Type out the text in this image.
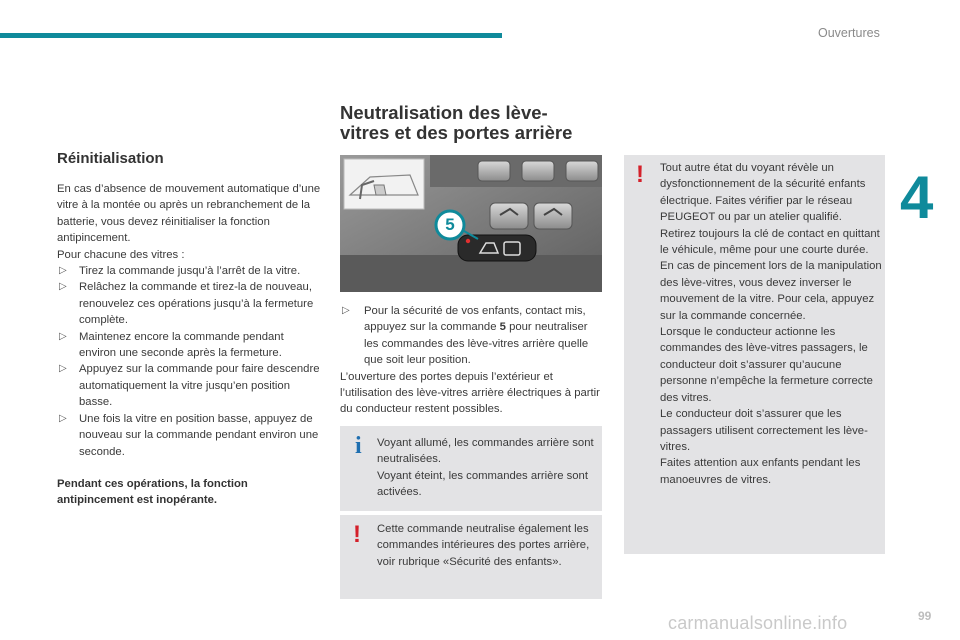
Ouvertures
4
Réinitialisation

En cas d’absence de mouvement automatique d’une vitre à la montée ou après un rebranchement de la batterie, vous devez réinitialiser la fonction antipincement.

Pour chacune des vitres :

▷ Tirez la commande jusqu’à l’arrêt de la vitre.
▷ Relâchez la commande et tirez-la de nouveau, renouvelez ces opérations jusqu’à la fermeture complète.
▷ Maintenez encore la commande pendant environ une seconde après la fermeture.
▷ Appuyez sur la commande pour faire descendre automatiquement la vitre jusqu’en position basse.
▷ Une fois la vitre en position basse, appuyez de nouveau sur la commande pendant environ une seconde.

Pendant ces opérations, la fonction antipincement est inopérante.

Neutralisation des lève-
vitres et des portes arrière
5
▷ Pour la sécurité de vos enfants, contact mis, appuyez sur la commande 5 pour neutraliser les commandes des lève-vitres arrière quelle que soit leur position.

L’ouverture des portes depuis l’extérieur et l’utilisation des lève-vitres arrière électriques à partir du conducteur restent possibles.

i Voyant allumé, les commandes arrière sont neutralisées.
Voyant éteint, les commandes arrière sont activées.
! Cette commande neutralise également les commandes intérieures des portes arrière, voir rubrique «Sécurité des enfants».
! Tout autre état du voyant révèle un dysfonctionnement de la sécurité enfants électrique. Faites vérifier par le réseau PEUGEOT ou par un atelier qualifié.
Retirez toujours la clé de contact en quittant le véhicule, même pour une courte durée.
En cas de pincement lors de la manipulation des lève-vitres, vous devez inverser le mouvement de la vitre. Pour cela, appuyez sur la commande concernée.
Lorsque le conducteur actionne les commandes des lève-vitres passagers, le conducteur doit s’assurer qu’aucune personne n’empêche la fermeture correcte des vitres.
Le conducteur doit s’assurer que les passagers utilisent correctement les lève-vitres.
Faites attention aux enfants pendant les manoeuvres de vitres.
carmanualsonline.info	99
